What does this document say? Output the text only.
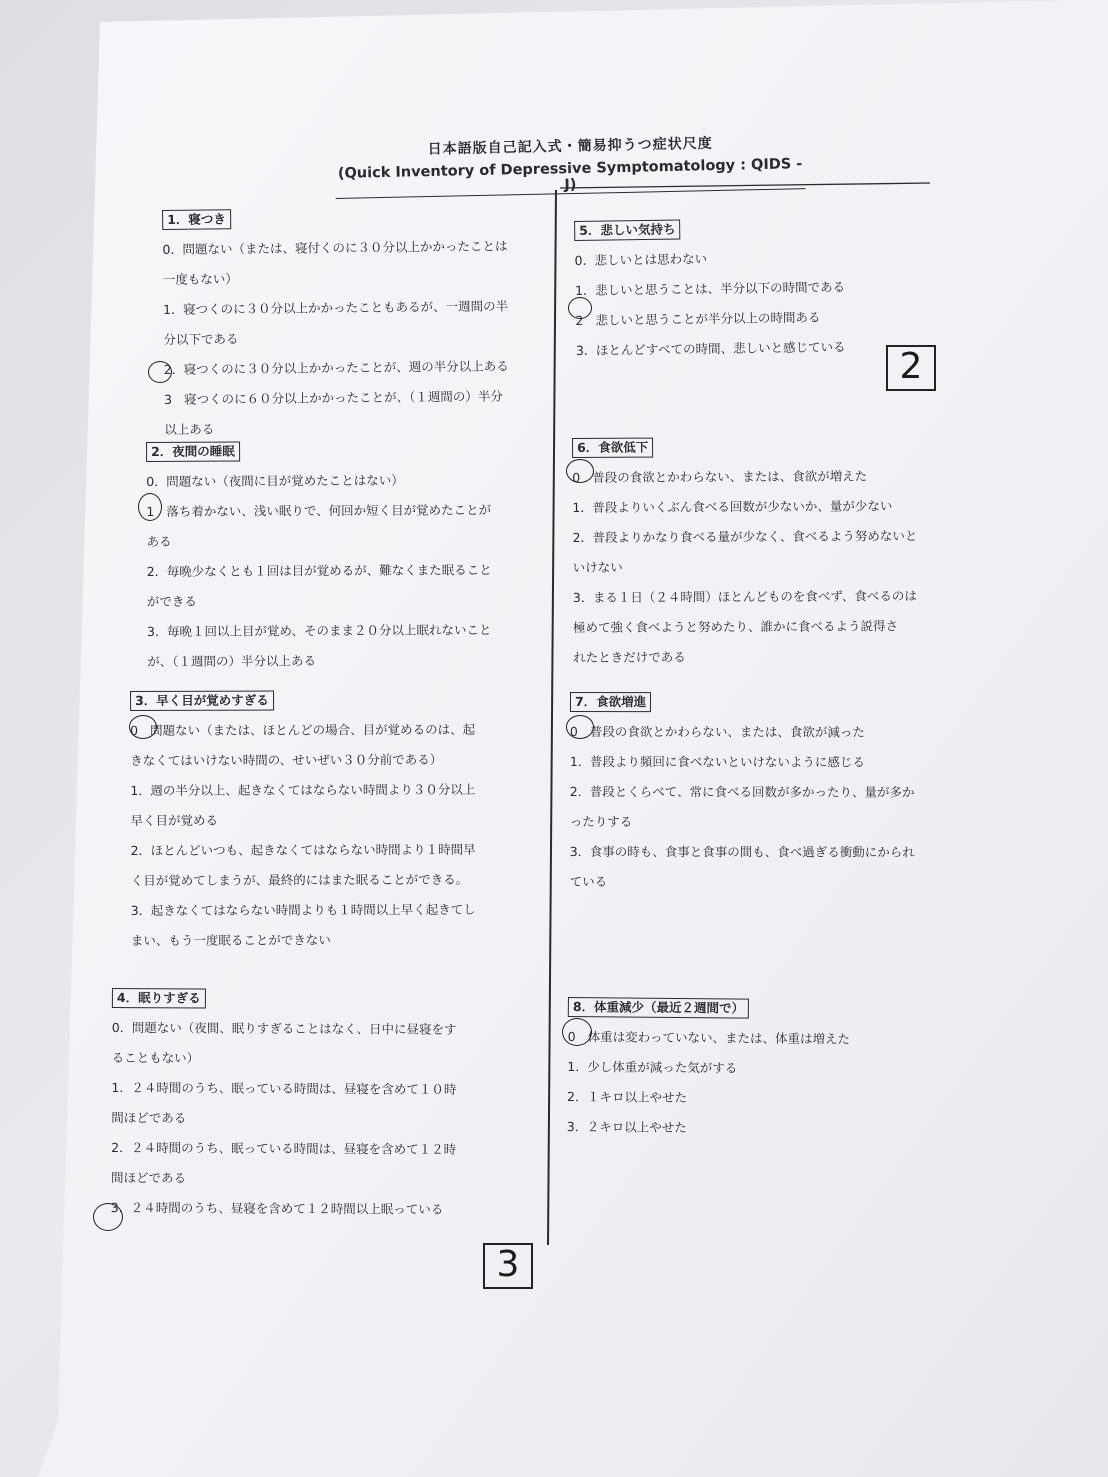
日本語版自己記入式・簡易抑うつ症状尺度
(Quick Inventory of Depressive Symptomatology : QIDS -J)
1．寝つき
0．問題ない（または、寝付くのに３０分以上かかったことは
一度もない）
1．寝つくのに３０分以上かかったこともあるが、一週間の半
分以下である
2．寝つくのに３０分以上かかったことが、週の半分以上ある
3 寝つくのに６０分以上かかったことが、（１週間の）半分
以上ある
2．夜間の睡眠
0．問題ない（夜間に目が覚めたことはない）
1 落ち着かない、浅い眠りで、何回か短く目が覚めたことが
ある
2．毎晩少なくとも１回は目が覚めるが、難なくまた眠ること
ができる
3．毎晩１回以上目が覚め、そのまま２０分以上眠れないこと
が、（１週間の）半分以上ある
3．早く目が覚めすぎる
0 問題ない（または、ほとんどの場合、目が覚めるのは、起
きなくてはいけない時間の、せいぜい３０分前である）
1．週の半分以上、起きなくてはならない時間より３０分以上
早く目が覚める
2．ほとんどいつも、起きなくてはならない時間より１時間早
く目が覚めてしまうが、最終的にはまた眠ることができる。
3．起きなくてはならない時間よりも１時間以上早く起きてし
まい、もう一度眠ることができない
4．眠りすぎる
0．問題ない（夜間、眠りすぎることはなく、日中に昼寝をす
ることもない）
1．２４時間のうち、眠っている時間は、昼寝を含めて１０時
間ほどである
2．２４時間のうち、眠っている時間は、昼寝を含めて１２時
間ほどである
3．２４時間のうち、昼寝を含めて１２時間以上眠っている
5．悲しい気持ち
0．悲しいとは思わない
1．悲しいと思うことは、半分以下の時間である
2 悲しいと思うことが半分以上の時間ある
3．ほとんどすべての時間、悲しいと感じている
6．食欲低下
0 普段の食欲とかわらない、または、食欲が増えた
1．普段よりいくぶん食べる回数が少ないか、量が少ない
2．普段よりかなり食べる量が少なく、食べるよう努めないと
いけない
3．まる１日（２４時間）ほとんどものを食べず、食べるのは
極めて強く食べようと努めたり、誰かに食べるよう説得さ
れたときだけである
7．食欲増進
0 普段の食欲とかわらない、または、食欲が減った
1．普段より頻回に食べないといけないように感じる
2．普段とくらべて、常に食べる回数が多かったり、量が多か
ったりする
3．食事の時も、食事と食事の間も、食べ過ぎる衝動にかられ
ている
8．体重減少（最近２週間で）
0 体重は変わっていない、または、体重は増えた
1．少し体重が減った気がする
2．１キロ以上やせた
3．２キロ以上やせた
2
3
